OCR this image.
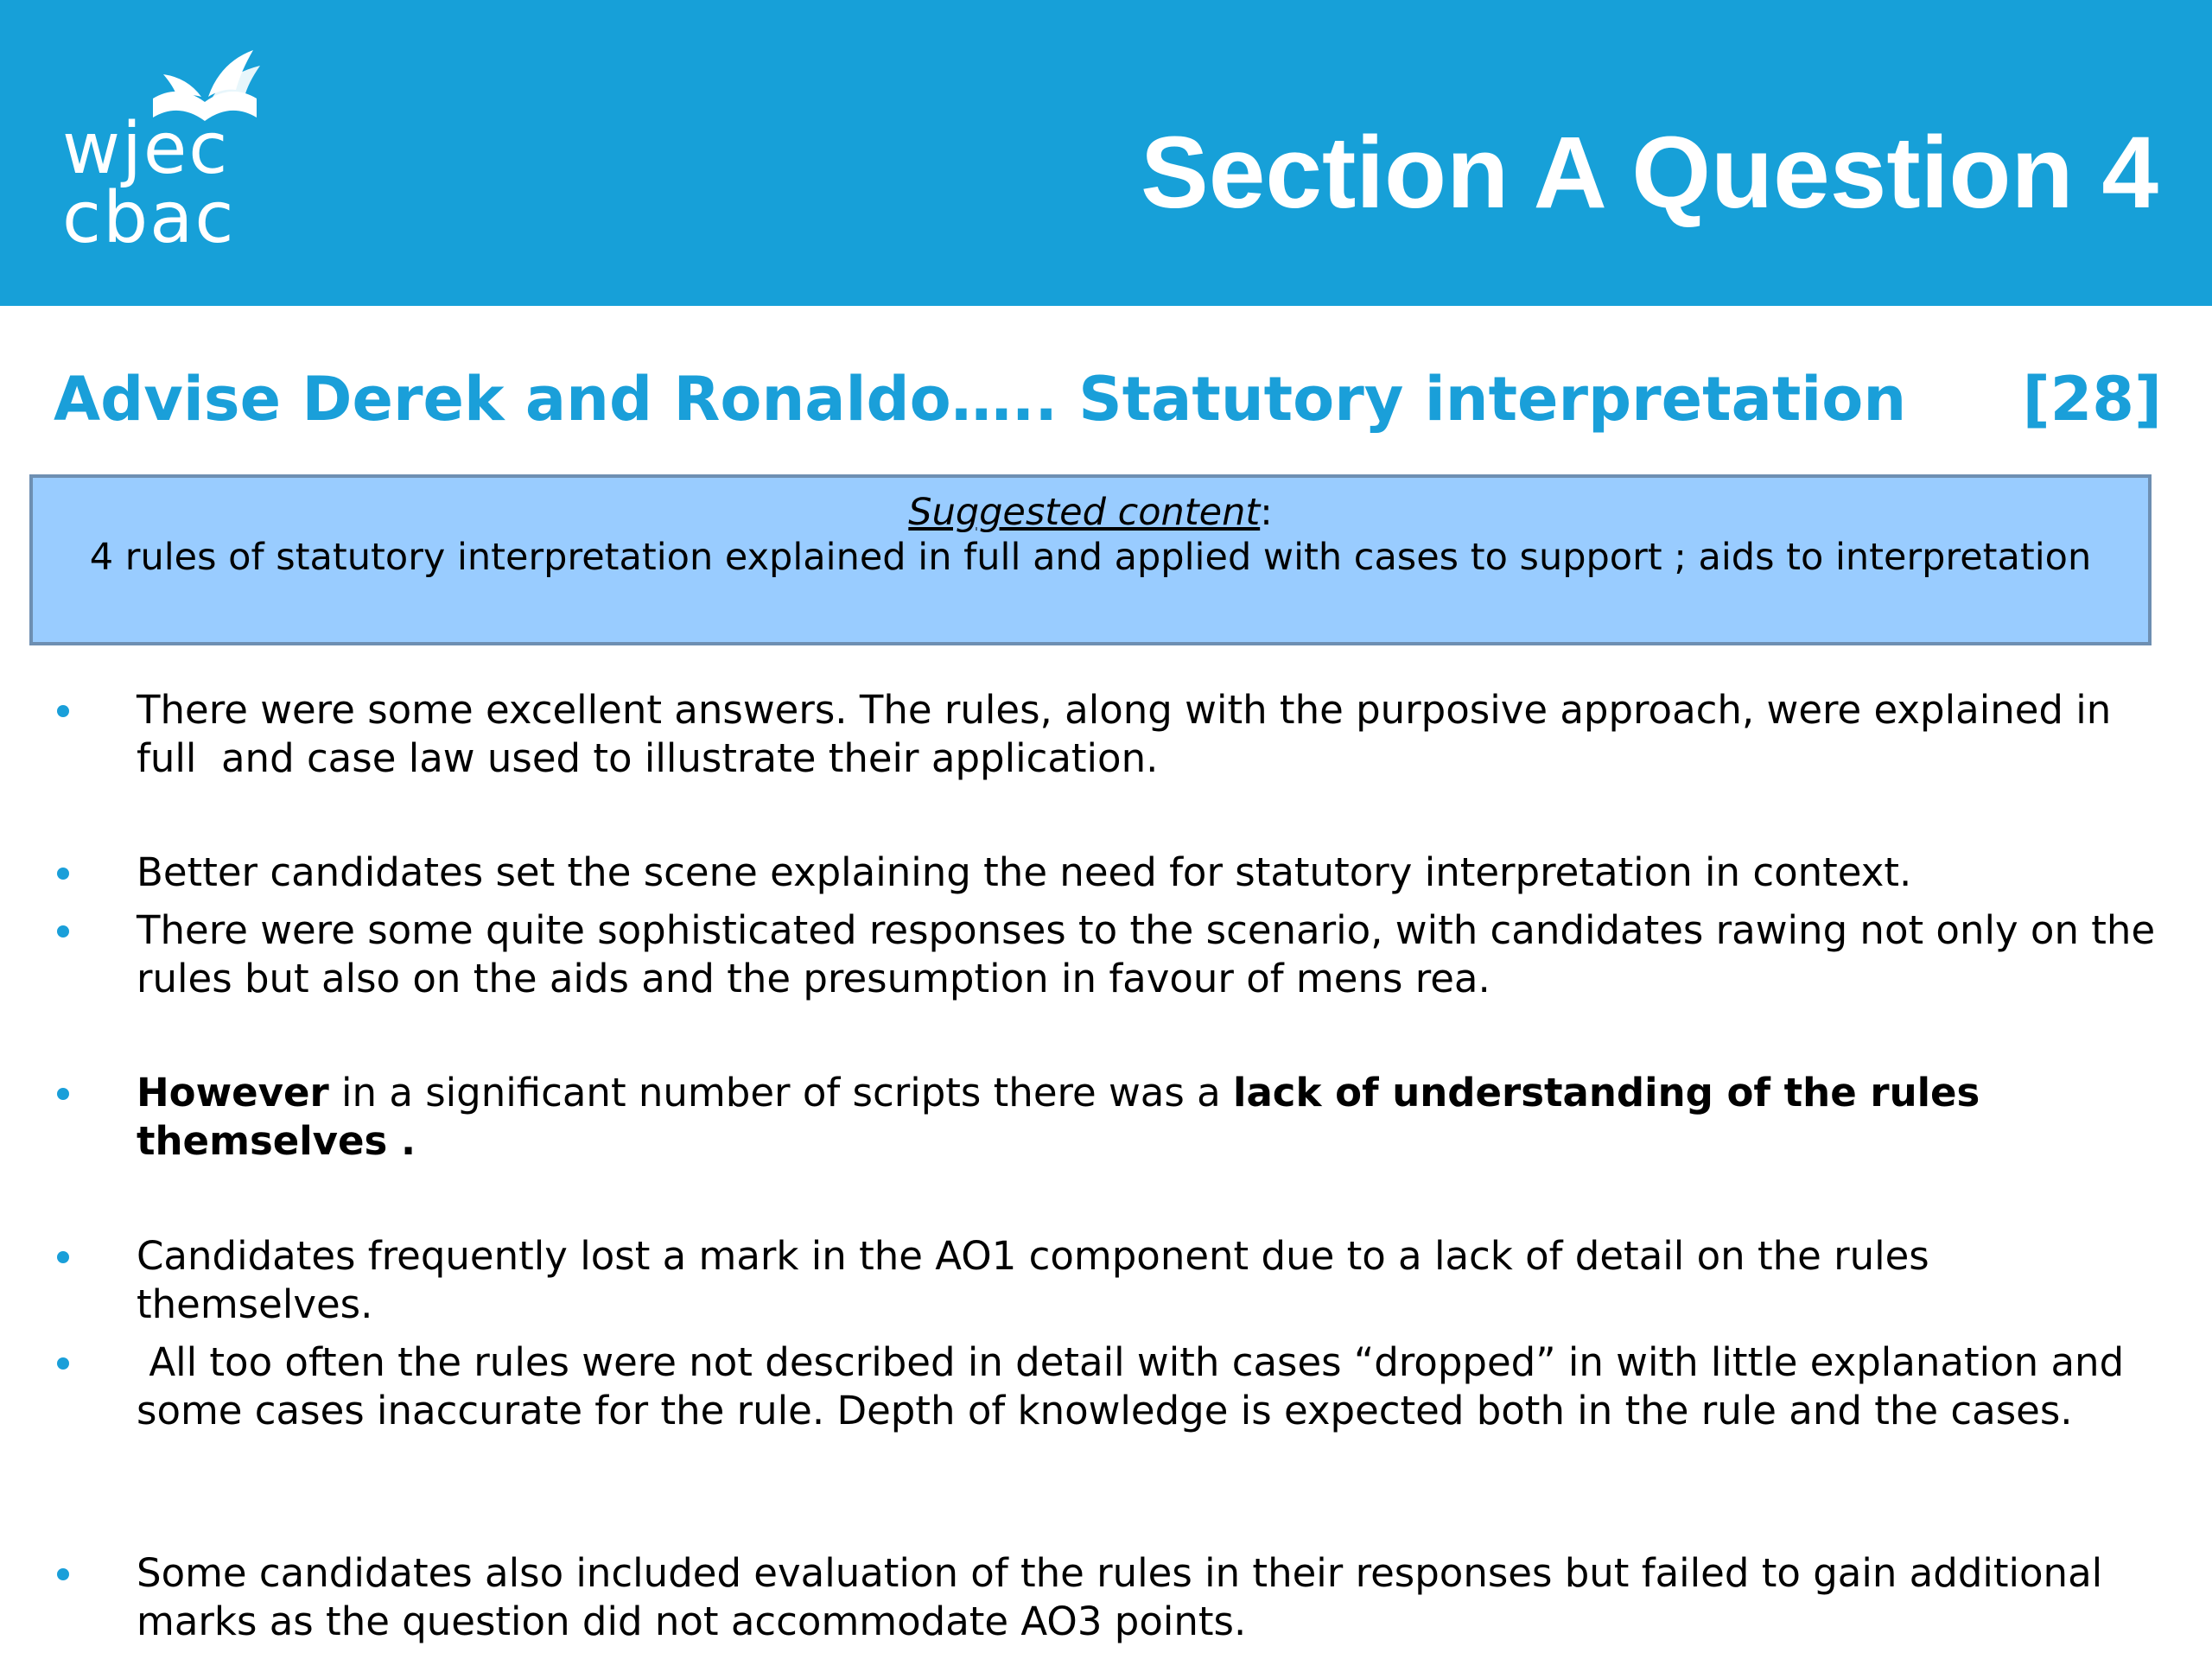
wjec
cbac	Section A Question 4
Advise Derek and Ronaldo….. Statutory interpretation [28]
Suggested content:
4 rules of statutory interpretation explained in full and applied with cases to support ; aids to interpretation
There were some excellent answers. The rules, along with the purposive approach, were explained in full  and case law used to illustrate their application.
Better candidates set the scene explaining the need for statutory interpretation in context.
There were some quite sophisticated responses to the scenario, with candidates rawing not only on the rules but also on the aids and the presumption in favour of mens rea.
However in a significant number of scripts there was a lack of understanding of the rules themselves .
Candidates frequently lost a mark in the AO1 component due to a lack of detail on the rules themselves.
All too often the rules were not described in detail with cases “dropped” in with little explanation and some cases inaccurate for the rule. Depth of knowledge is expected both in the rule and the cases.
Some candidates also included evaluation of the rules in their responses but failed to gain additional marks as the question did not accommodate AO3 points.
